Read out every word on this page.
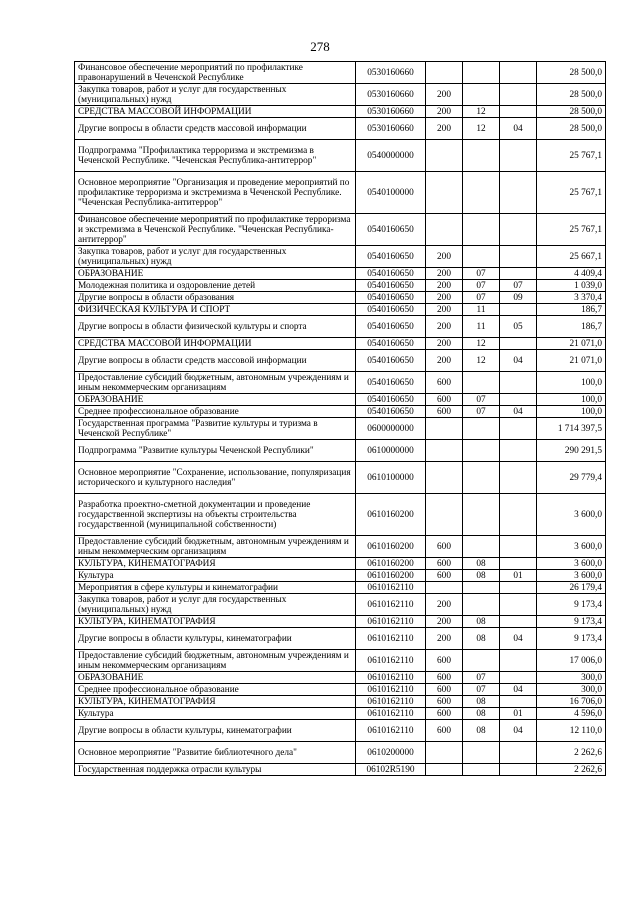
278
Финансовое обеспечение мероприятий по профилактике правонарушений в Чеченской Республике	0530160660				28 500,0
Закупка товаров, работ и услуг для государственных (муниципальных) нужд	0530160660	200			28 500,0
СРЕДСТВА МАССОВОЙ ИНФОРМАЦИИ	0530160660	200	12		28 500,0
Другие вопросы в области средств массовой информации	0530160660	200	12	04	28 500,0
Подпрограмма "Профилактика терроризма и экстремизма в Чеченской Республике. "Чеченская Республика-антитеррор"	0540000000				25 767,1
Основное мероприятие "Организация и проведение мероприятий по профилактике терроризма и экстремизма в Чеченской Республике. "Чеченская Республика-антитеррор"	0540100000				25 767,1
Финансовое обеспечение мероприятий по профилактике терроризма и экстремизма в Чеченской Республике. "Чеченская Республика-антитеррор"	0540160650				25 767,1
Закупка товаров, работ и услуг для государственных (муниципальных) нужд	0540160650	200			25 667,1
ОБРАЗОВАНИЕ	0540160650	200	07		4 409,4
Молодежная политика и оздоровление детей	0540160650	200	07	07	1 039,0
Другие вопросы в области образования	0540160650	200	07	09	3 370,4
ФИЗИЧЕСКАЯ КУЛЬТУРА И СПОРТ	0540160650	200	11		186,7
Другие вопросы в области физической культуры и спорта	0540160650	200	11	05	186,7
СРЕДСТВА МАССОВОЙ ИНФОРМАЦИИ	0540160650	200	12		21 071,0
Другие вопросы в области средств массовой информации	0540160650	200	12	04	21 071,0
Предоставление субсидий бюджетным, автономным учреждениям и иным некоммерческим организациям	0540160650	600			100,0
ОБРАЗОВАНИЕ	0540160650	600	07		100,0
Среднее профессиональное образование	0540160650	600	07	04	100,0
Государственная программа "Развитие культуры и туризма в Чеченской Республике"	0600000000				1 714 397,5
Подпрограмма "Развитие культуры Чеченской Республики"	0610000000				290 291,5
Основное мероприятие "Сохранение, использование, популяризация исторического и культурного наследия"	0610100000				29 779,4
Разработка проектно-сметной документации и проведение государственной экспертизы на объекты строительства государственной (муниципальной собственности)	0610160200				3 600,0
Предоставление субсидий бюджетным, автономным учреждениям и иным некоммерческим организациям	0610160200	600			3 600,0
КУЛЬТУРА, КИНЕМАТОГРАФИЯ	0610160200	600	08		3 600,0
Культура	0610160200	600	08	01	3 600,0
Мероприятия в сфере культуры и кинематографии	0610162110				26 179,4
Закупка товаров, работ и услуг для государственных (муниципальных) нужд	0610162110	200			9 173,4
КУЛЬТУРА, КИНЕМАТОГРАФИЯ	0610162110	200	08		9 173,4
Другие вопросы в области культуры, кинематографии	0610162110	200	08	04	9 173,4
Предоставление субсидий бюджетным, автономным учреждениям и иным некоммерческим организациям	0610162110	600			17 006,0
ОБРАЗОВАНИЕ	0610162110	600	07		300,0
Среднее профессиональное образование	0610162110	600	07	04	300,0
КУЛЬТУРА, КИНЕМАТОГРАФИЯ	0610162110	600	08		16 706,0
Культура	0610162110	600	08	01	4 596,0
Другие вопросы в области культуры, кинематографии	0610162110	600	08	04	12 110,0
Основное мероприятие "Развитие библиотечного дела"	0610200000				2 262,6
Государственная поддержка отрасли культуры	06102R5190				2 262,6
